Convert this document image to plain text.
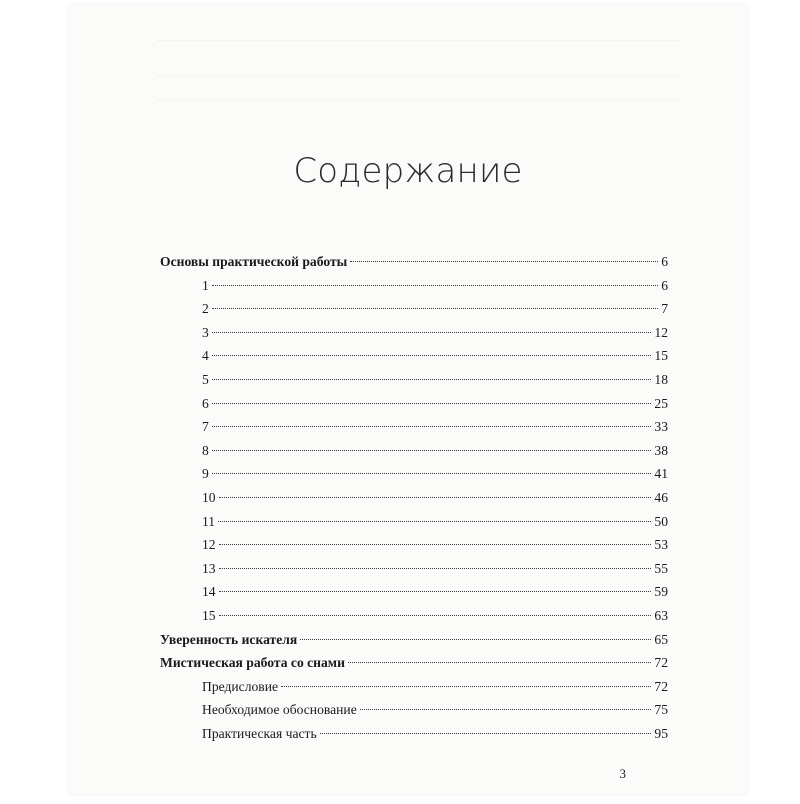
Содержание
Основы практической работы	6
1	6
2	7
3	12
4	15
5	18
6	25
7	33
8	38
9	41
10	46
11	50
12	53
13	55
14	59
15	63
Уверенность искателя	65
Мистическая работа со снами	72
Предисловие	72
Необходимое обоснование	75
Практическая часть	95
3
